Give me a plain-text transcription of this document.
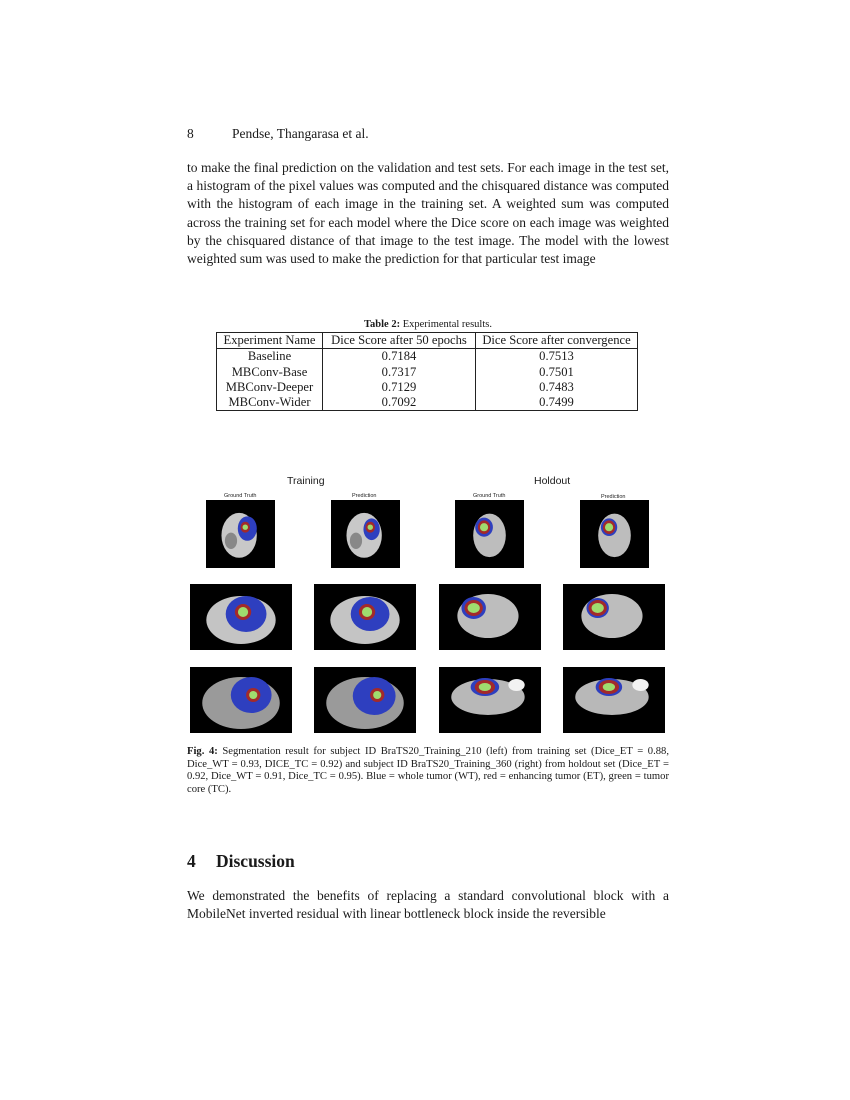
8	Pendse, Thangarasa et al.
to make the final prediction on the validation and test sets. For each image in the test set, a histogram of the pixel values was computed and the chisquared distance was computed with the histogram of each image in the training set. A weighted sum was computed across the training set for each model where the Dice score on each image was weighted by the chisquared distance of that image to the test image. The model with the lowest weighted sum was used to make the prediction for that particular test image
Table 2: Experimental results.
Experiment Name	Dice Score after 50 epochs	Dice Score after convergence
Baseline	0.7184	0.7513
MBConv-Base	0.7317	0.7501
MBConv-Deeper	0.7129	0.7483
MBConv-Wider	0.7092	0.7499
Training	Holdout
Ground Truth	Prediction	Ground Truth	Prediction
Fig. 4: Segmentation result for subject ID BraTS20_Training_210 (left) from training set (Dice_ET = 0.88, Dice_WT = 0.93, DICE_TC = 0.92) and subject ID BraTS20_Training_360 (right) from holdout set (Dice_ET = 0.92, Dice_WT = 0.91, Dice_TC = 0.95). Blue = whole tumor (WT), red = enhancing tumor (ET), green = tumor core (TC).
4 Discussion
We demonstrated the benefits of replacing a standard convolutional block with a MobileNet inverted residual with linear bottleneck block inside the reversible
